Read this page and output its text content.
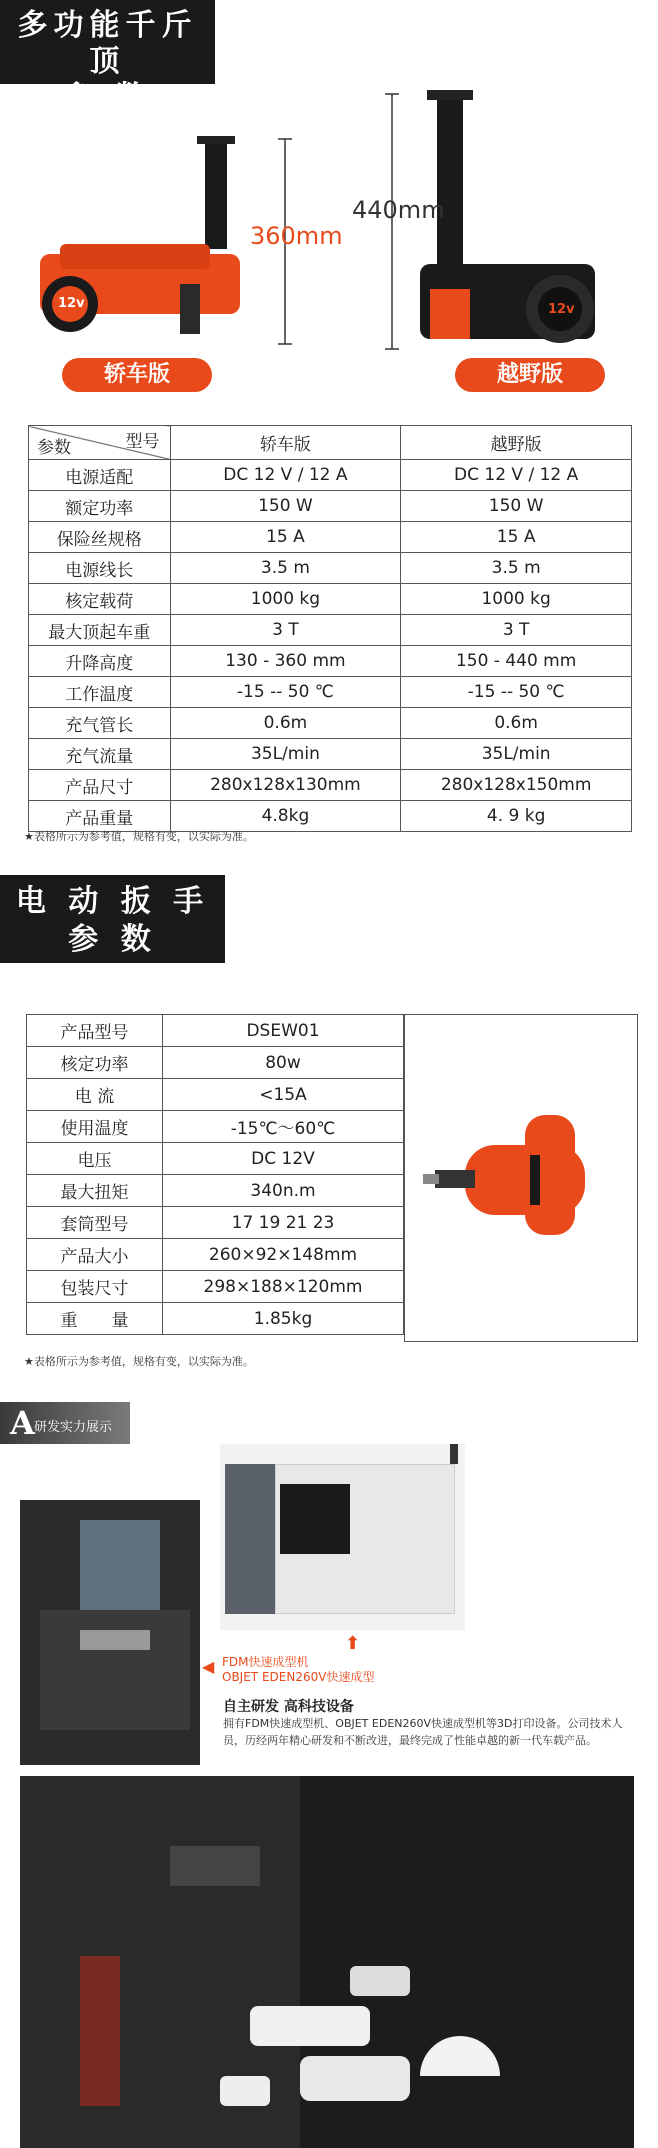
多功能千斤顶
参 数
360mm
440mm
12v	12v
轿车版	越野版
型号
参数	轿车版	越野版
电源适配	DC 12 V / 12 A	DC 12 V / 12 A
额定功率	150 W	150 W
保险丝规格	15 A	15 A
电源线长	3.5 m	3.5 m
核定载荷	1000 kg	1000 kg
最大顶起车重	3 T	3 T
升降高度	130 - 360 mm	150 - 440 mm
工作温度	-15 -- 50 ℃	-15 -- 50 ℃
充气管长	0.6m	0.6m
充气流量	35L/min	35L/min
产品尺寸	280x128x130mm	280x128x150mm
产品重量	4.8kg	4. 9 kg
★表格所示为参考值，规格有变，以实际为准。
电 动 扳 手
参 数
产品型号	DSEW01
核定功率	80w
电 流	<15A
使用温度	-15℃～60℃
电压	DC 12V
最大扭矩	340n.m
套筒型号	17 19 21 23
产品大小	260×92×148mm
包装尺寸	298×188×120mm
重　　量	1.85kg
★表格所示为参考值，规格有变，以实际为准。
A 研发实力展示
⬆
◀ FDM快速成型机
OBJET EDEN260V快速成型
自主研发 高科技设备
拥有FDM快速成型机、OBJET EDEN260V快速成型机等3D打印设备。公司技术人员，历经两年精心研发和不断改进，最终完成了性能卓越的新一代车载产品。
